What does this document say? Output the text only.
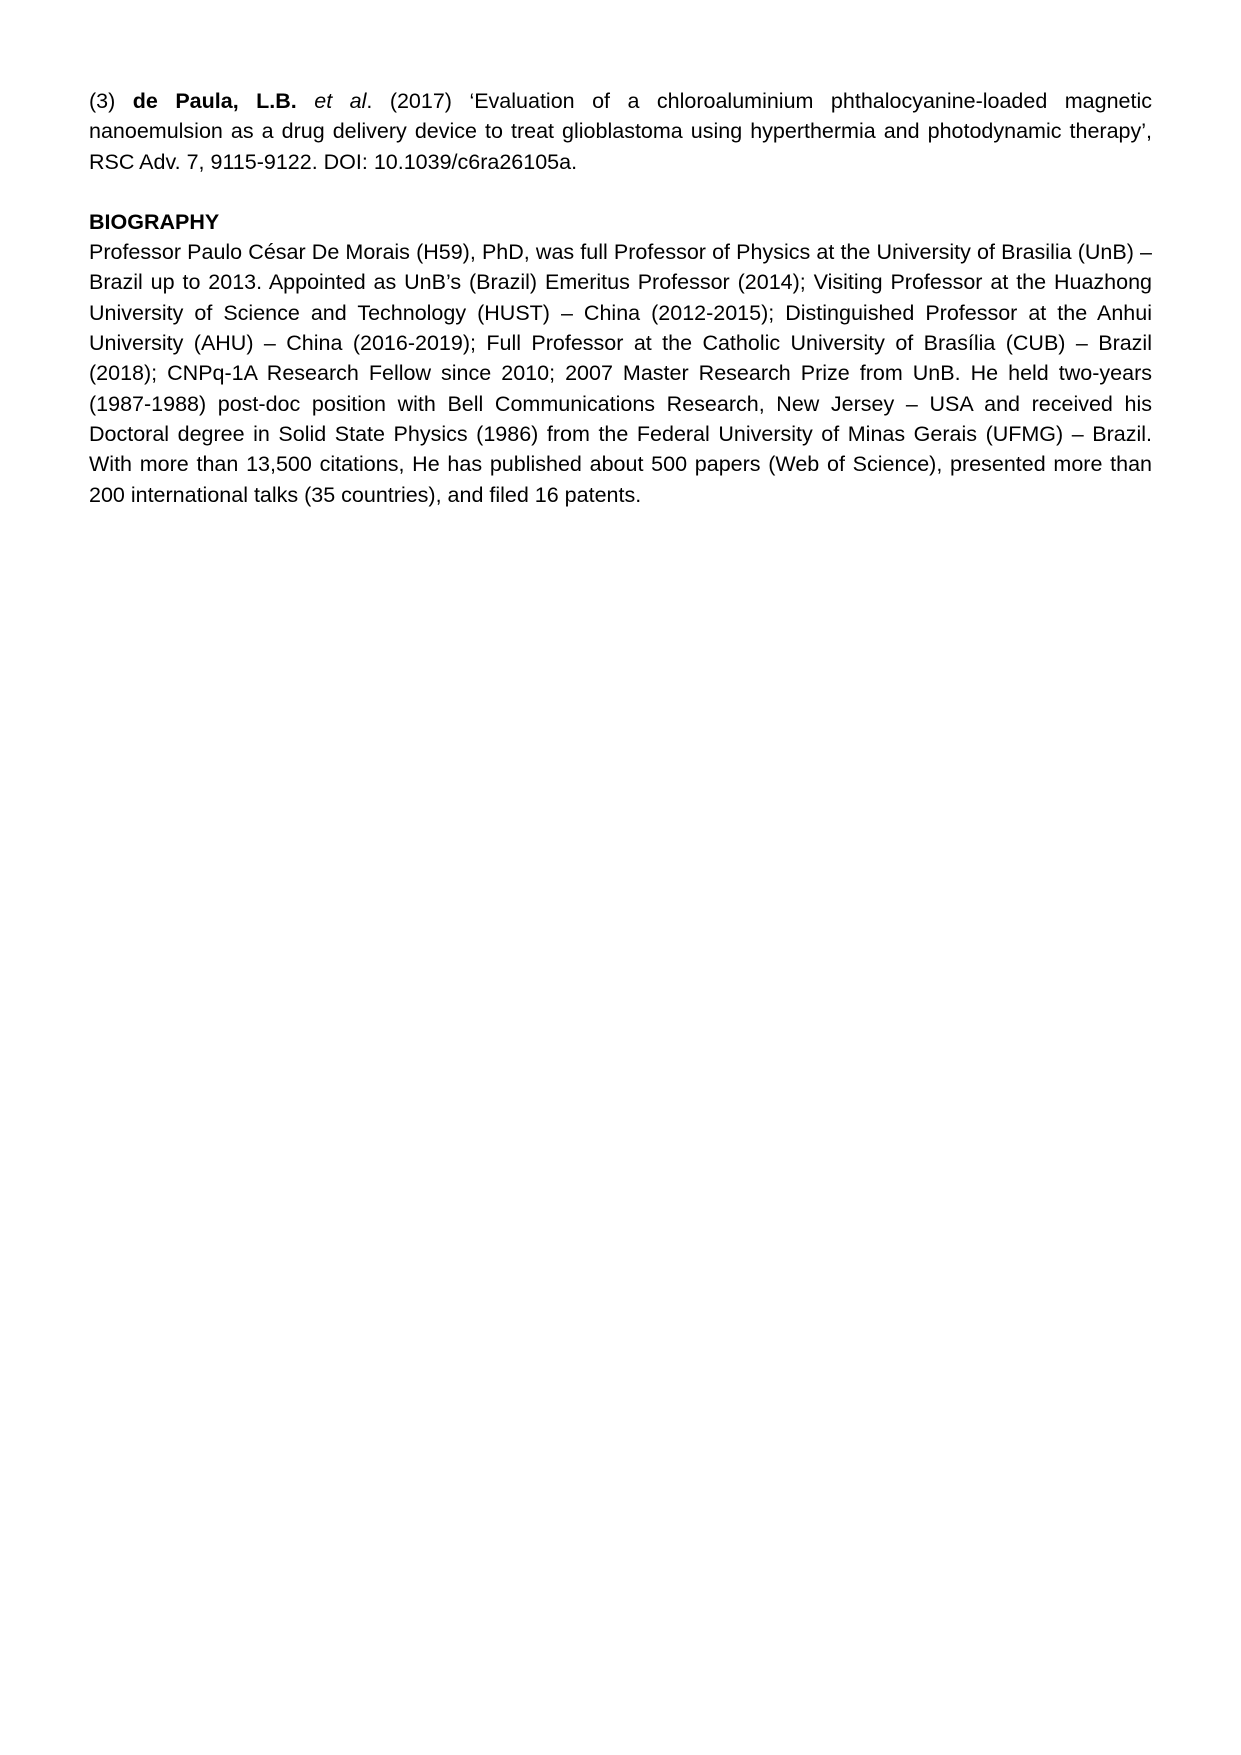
(3) de Paula, L.B. et al. (2017) ‘Evaluation of a chloroaluminium phthalocyanine-loaded magnetic nanoemulsion as a drug delivery device to treat glioblastoma using hyperthermia and photodynamic therapy’, RSC Adv. 7, 9115-9122. DOI: 10.1039/c6ra26105a.

BIOGRAPHY

Professor Paulo César De Morais (H59), PhD, was full Professor of Physics at the University of Brasilia (UnB) – Brazil up to 2013. Appointed as UnB’s (Brazil) Emeritus Professor (2014); Visiting Professor at the Huazhong University of Science and Technology (HUST) – China (2012-2015); Distinguished Professor at the Anhui University (AHU) – China (2016-2019); Full Professor at the Catholic University of Brasília (CUB) – Brazil (2018); CNPq-1A Research Fellow since 2010; 2007 Master Research Prize from UnB. He held two-years (1987-1988) post-doc position with Bell Communications Research, New Jersey – USA and received his Doctoral degree in Solid State Physics (1986) from the Federal University of Minas Gerais (UFMG) – Brazil. With more than 13,500 citations, He has published about 500 papers (Web of Science), presented more than 200 international talks (35 countries), and filed 16 patents.
